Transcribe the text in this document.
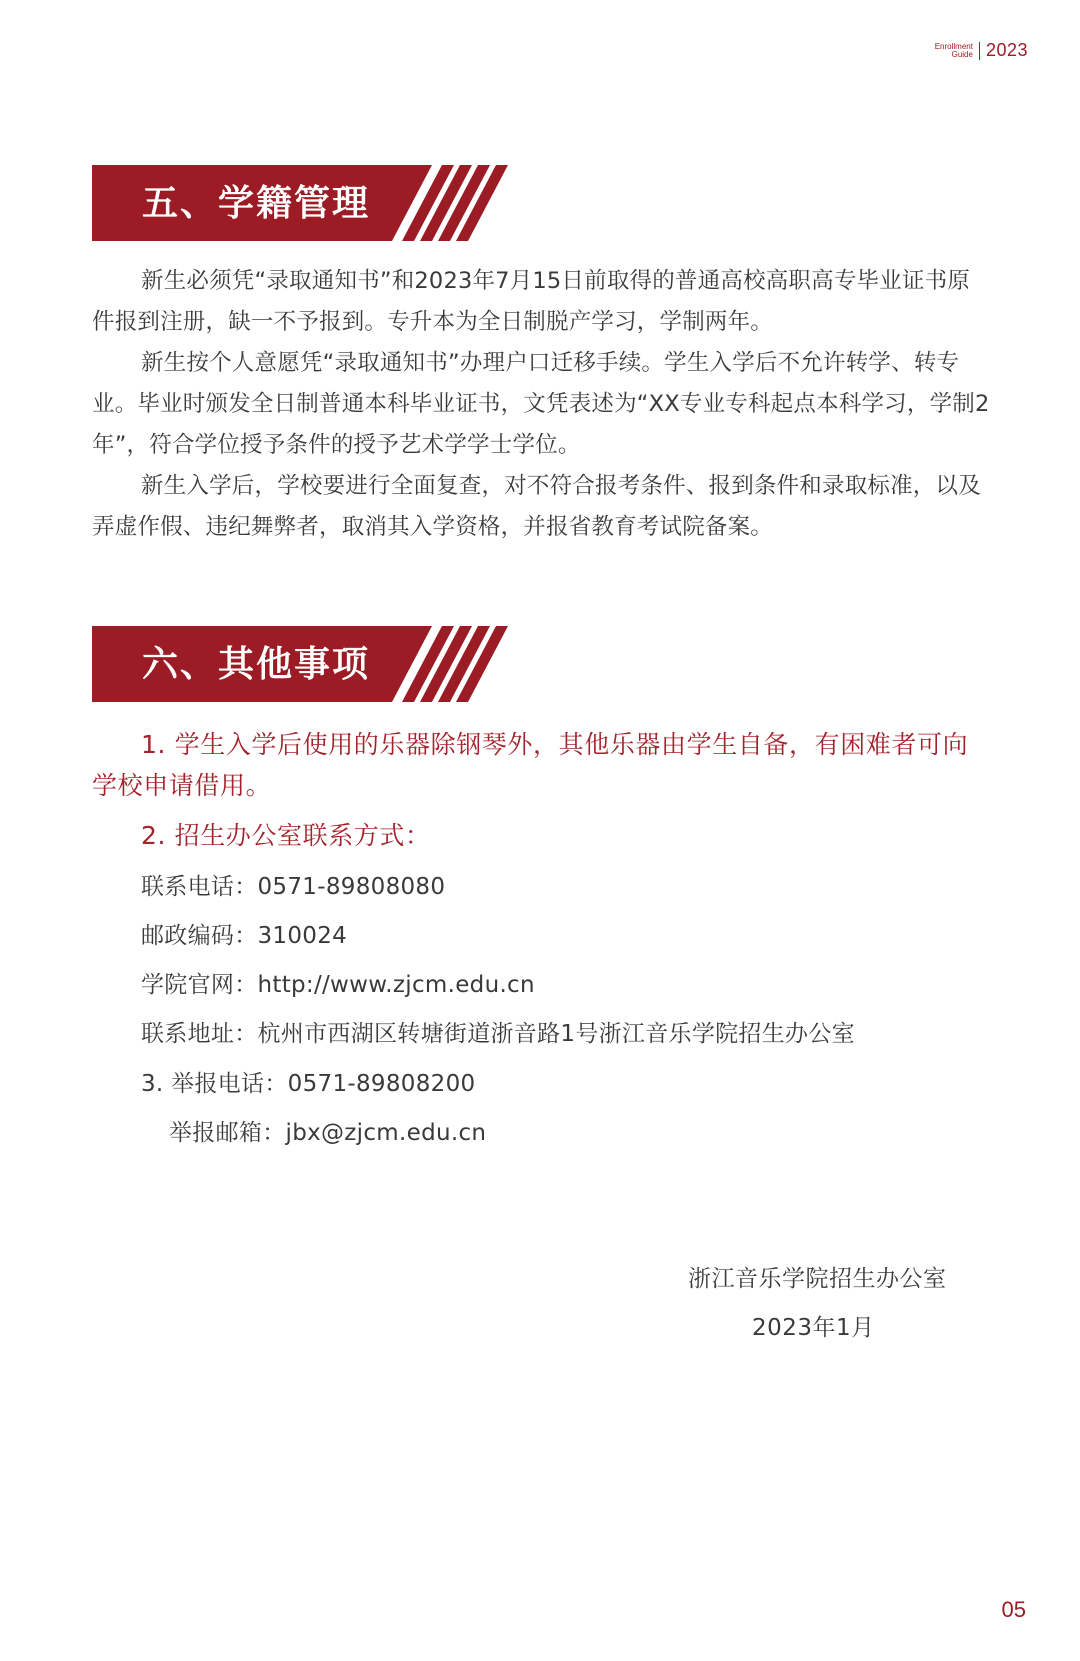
Enrollment
Guide 2023
五、学籍管理

新生必须凭“录取通知书”和2023年7月15日前取得的普通高校高职高专毕业证书原件报到注册，缺一不予报到。专升本为全日制脱产学习，学制两年。

新生按个人意愿凭“录取通知书”办理户口迁移手续。学生入学后不允许转学、转专业。毕业时颁发全日制普通本科毕业证书，文凭表述为“XX专业专科起点本科学习，学制2年”，符合学位授予条件的授予艺术学学士学位。

新生入学后，学校要进行全面复查，对不符合报考条件、报到条件和录取标准，以及弄虚作假、违纪舞弊者，取消其入学资格，并报省教育考试院备案。

六、其他事项

1. 学生入学后使用的乐器除钢琴外，其他乐器由学生自备，有困难者可向学校申请借用。

2. 招生办公室联系方式：

联系电话：0571-89808080
邮政编码：310024
学院官网：http://www.zjcm.edu.cn
联系地址：杭州市西湖区转塘街道浙音路1号浙江音乐学院招生办公室
3. 举报电话：0571-89808200
举报邮箱：jbx@zjcm.edu.cn
浙江音乐学院招生办公室
2023年1月
05
